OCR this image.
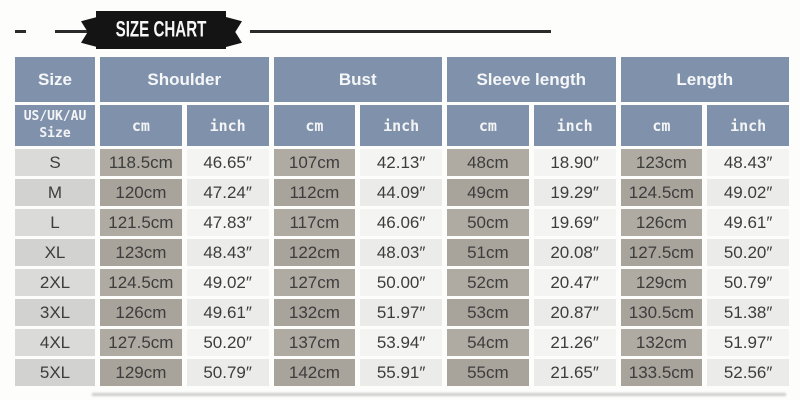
SIZE CHART
Size	Shoulder	Bust	Sleeve length	Length
US/UK/AU Size	cm	inch	cm	inch	cm	inch	cm	inch
S	118.5cm	46.65″	107cm	42.13″	48cm	18.90″	123cm	48.43″
M	120cm	47.24″	112cm	44.09″	49cm	19.29″	124.5cm	49.02″
L	121.5cm	47.83″	117cm	46.06″	50cm	19.69″	126cm	49.61″
XL	123cm	48.43″	122cm	48.03″	51cm	20.08″	127.5cm	50.20″
2XL	124.5cm	49.02″	127cm	50.00″	52cm	20.47″	129cm	50.79″
3XL	126cm	49.61″	132cm	51.97″	53cm	20.87″	130.5cm	51.38″
4XL	127.5cm	50.20″	137cm	53.94″	54cm	21.26″	132cm	51.97″
5XL	129cm	50.79″	142cm	55.91″	55cm	21.65″	133.5cm	52.56″
